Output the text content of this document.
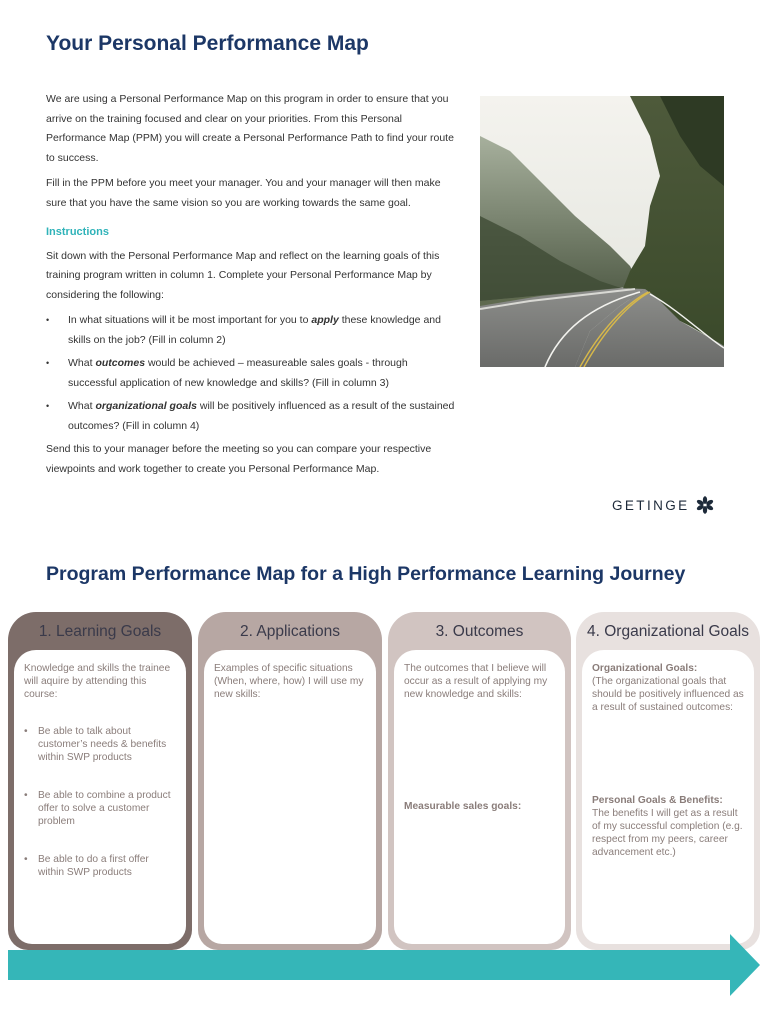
Your Personal Performance Map

We are using a Personal Performance Map on this program in order to ensure that you arrive on the training focused and clear on your priorities. From this Personal Performance Map (PPM) you will create a Personal Performance Path to find your route to success.

Fill in the PPM before you meet your manager. You and your manager will then make sure that you have the same vision so you are working towards the same goal.

Instructions

Sit down with the Personal Performance Map and reflect on the learning goals of this training program written in column 1. Complete your Personal Performance Map by considering the following:

• In what situations will it be most important for you to apply these knowledge and skills on the job? (Fill in column 2)
• What outcomes would be achieved – measureable sales goals - through successful application of new knowledge and skills? (Fill in column 3)
• What organizational goals will be positively influenced as a result of the sustained outcomes? (Fill in column 4)

Send this to your manager before the meeting so you can compare your respective viewpoints and work together to create you Personal Performance Map.

GETINGE
Program Performance Map for a High Performance Learning Journey
1. Learning Goals
Knowledge and skills the trainee will aquire by attending this course:
• Be able to talk about customer’s needs & benefits within SWP products
• Be able to combine a product offer to solve a customer problem
• Be able to do a first offer within SWP products
2. Applications
Examples of specific situations (When, where, how) I will use my new skills:
3. Outcomes
The outcomes that I believe will occur as a result of applying my new knowledge and skills:
Measurable sales goals:
4. Organizational Goals
Organizational Goals:
(The organizational goals that should be positively influenced as a result of sustained outcomes:
Personal Goals & Benefits:
The benefits I will get as a result of my successful completion (e.g. respect from my peers, career advancement etc.)
